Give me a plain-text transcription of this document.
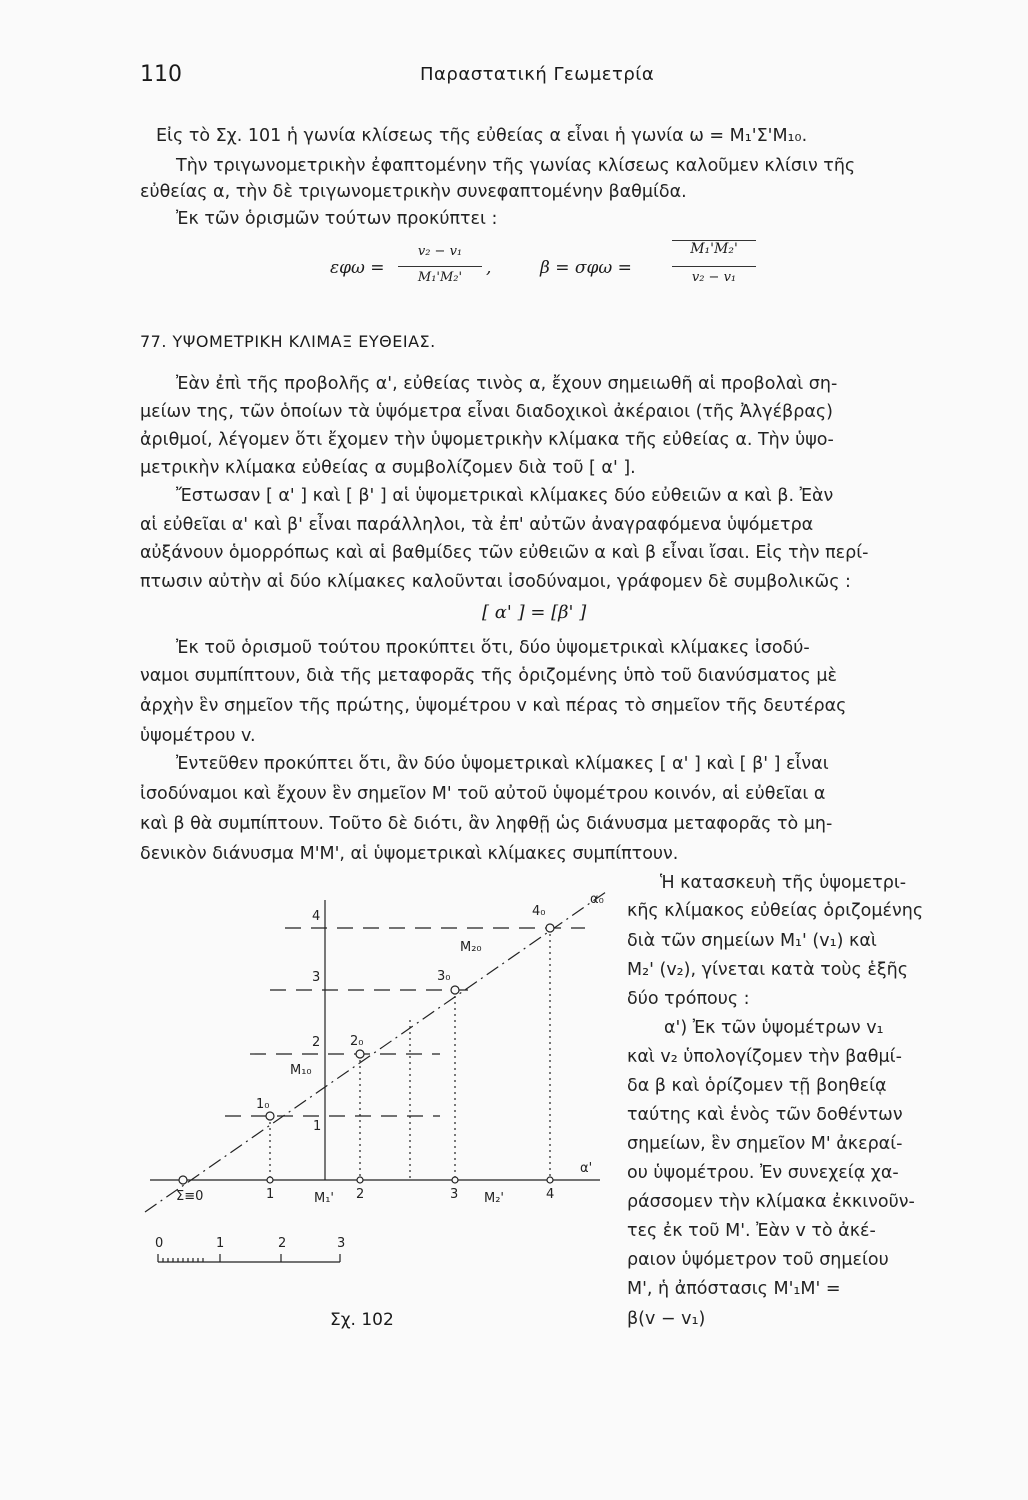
110	Παραστατική Γεωμετρία
Εἰς τὸ Σχ. 101 ἡ γωνία κλίσεως τῆς εὐθείας α εἶναι ἡ γωνία ω = M₁'Σ'M₁₀.
Τὴν τριγωνομετρικὴν ἐφαπτομένην τῆς γωνίας κλίσεως καλοῦμεν κλίσιν τῆς
εὐθείας α, τὴν δὲ τριγωνομετρικὴν συνεφαπτομένην βαθμίδα.
Ἐκ τῶν ὁρισμῶν τούτων προκύπτει :
εφω =
v₂ − v₁
M₁'M₂'	,	β = σφω =
M₁'M₂'
v₂ − v₁
77. ΥΨΟΜΕΤΡΙΚΗ ΚΛΙΜΑΞ ΕΥΘΕΙΑΣ.
Ἐὰν ἐπὶ τῆς προβολῆς α', εὐθείας τινὸς α, ἔχουν σημειωθῆ αἱ προβολαὶ ση-
μείων της, τῶν ὁποίων τὰ ὑψόμετρα εἶναι διαδοχικοὶ ἀκέραιοι (τῆς Ἀλγέβρας)
ἀριθμοί, λέγομεν ὅτι ἔχομεν τὴν ὑψομετρικὴν κλίμακα τῆς εὐθείας α. Τὴν ὑψο-
μετρικὴν κλίμακα εὐθείας α συμβολίζομεν διὰ τοῦ [ α' ].
Ἔστωσαν [ α' ] καὶ [ β' ] αἱ ὑψομετρικαὶ κλίμακες δύο εὐθειῶν α καὶ β. Ἐὰν
αἱ εὐθεῖαι α' καὶ β' εἶναι παράλληλοι, τὰ ἐπ' αὐτῶν ἀναγραφόμενα ὑψόμετρα
αὐξάνουν ὁμορρόπως καὶ αἱ βαθμίδες τῶν εὐθειῶν α καὶ β εἶναι ἴσαι. Εἰς τὴν περί-
πτωσιν αὐτὴν αἱ δύο κλίμακες καλοῦνται ἰσοδύναμοι, γράφομεν δὲ συμβολικῶς :
[ α' ] = [β' ]
Ἐκ τοῦ ὁρισμοῦ τούτου προκύπτει ὅτι, δύο ὑψομετρικαὶ κλίμακες ἰσοδύ-
ναμοι συμπίπτουν, διὰ τῆς μεταφορᾶς τῆς ὁριζομένης ὑπὸ τοῦ διανύσματος μὲ
ἀρχὴν ἓν σημεῖον τῆς πρώτης, ὑψομέτρου v καὶ πέρας τὸ σημεῖον τῆς δευτέρας
ὑψομέτρου v.
Ἐντεῦθεν προκύπτει ὅτι, ἂν δύο ὑψομετρικαὶ κλίμακες [ α' ] καὶ [ β' ] εἶναι
ἰσοδύναμοι καὶ ἔχουν ἓν σημεῖον M' τοῦ αὐτοῦ ὑψομέτρου κοινόν, αἱ εὐθεῖαι α
καὶ β θὰ συμπίπτουν. Τοῦτο δὲ διότι, ἂν ληφθῇ ὡς διάνυσμα μεταφορᾶς τὸ μη-
δενικὸν διάνυσμα M'M', αἱ ὑψομετρικαὶ κλίμακες συμπίπτουν.
Ἡ κατασκευὴ τῆς ὑψομετρι-
κῆς κλίμακος εὐθείας ὁριζομένης
διὰ τῶν σημείων M₁' (v₁) καὶ
M₂' (v₂), γίνεται κατὰ τοὺς ἑξῆς
δύο τρόπους :
α') Ἐκ τῶν ὑψομέτρων v₁
καὶ v₂ ὑπολογίζομεν τὴν βαθμί-
δα β καὶ ὁρίζομεν τῇ βοηθείᾳ
ταύτης καὶ ἑνὸς τῶν δοθέντων
σημείων, ἓν σημεῖον M' ἀκεραί-
ου ὑψομέτρου. Ἐν συνεχείᾳ χα-
ράσσομεν τὴν κλίμακα ἐκκινοῦν-
τες ἐκ τοῦ M'. Ἐὰν v τὸ ἀκέ-
ραιον ὑψόμετρον τοῦ σημείου
M', ἡ ἀπόστασις M'₁M' =
β(v − v₁)
α₀
α'
4	4₀
3	3₀
2 2₀
1
1₀
M₂₀
M₁₀
Σ≡0	1	M₁' 2	3 M₂'	4
0	1	2	3
Σχ. 102
